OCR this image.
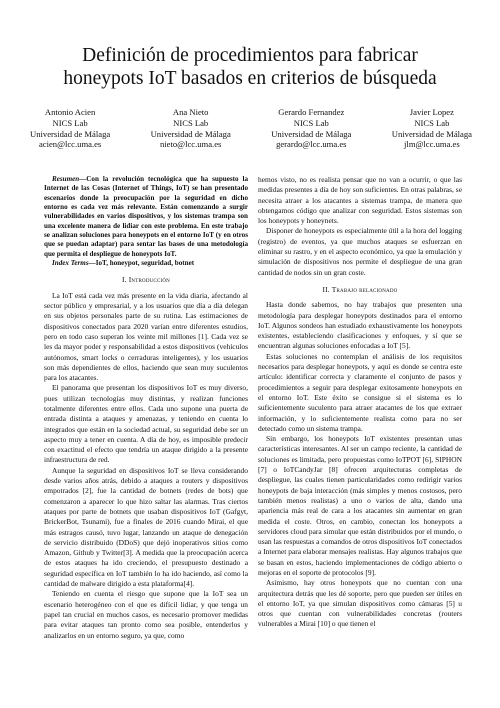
Definición de procedimientos para fabricar
honeypots IoT basados en criterios de búsqueda
Antonio Acien
NICS Lab
Universidad de Málaga
acien@lcc.uma.es
Ana Nieto
NICS Lab
Universidad de Málaga
nieto@lcc.uma.es
Gerardo Fernandez
NICS Lab
Universidad de Málaga
gerardo@lcc.uma.es
Javier Lopez
NICS Lab
Universidad de Málaga
jlm@lcc.uma.es

Resumen—Con la revolución tecnológica que ha supuesto la Internet de las Cosas (Internet of Things, IoT) se han presentado escenarios donde la preocupación por la seguridad en dicho entorno es cada vez más relevante. Están comenzando a surgir vulnerabilidades en varios dispositivos, y los sistemas trampa son una excelente manera de lidiar con este problema. En este trabajo se analizan soluciones para honeypots en el entorno IoT (y en otros que se puedan adaptar) para sentar las bases de una metodología que permita el despliegue de honeypots IoT.

Index Terms—IoT, honeypot, seguridad, botnet

I. Introducción

La IoT está cada vez más presente en la vida diaria, afectando al sector público y empresarial, y a los usuarios que día a día delegan en sus objetos personales parte de su rutina. Las estimaciones de dispositivos conectados para 2020 varían entre diferentes estudios, pero en todo caso superan los veinte mil millones [1]. Cada vez se les da mayor poder y responsabilidad a estos dispositivos (vehículos autónomos, smart locks o cerraduras inteligentes), y los usuarios son más dependientes de ellos, haciendo que sean muy suculentos para los atacantes.

El panorama que presentan los dispositivos IoT es muy diverso, pues utilizan tecnologías muy distintas, y realizan funciones totalmente diferentes entre ellos. Cada uno supone una puerta de entrada distinta a ataques y amenazas, y teniendo en cuenta lo integrados que están en la sociedad actual, su seguridad debe ser un aspecto muy a tener en cuenta. A día de hoy, es imposible predecir con exactitud el efecto que tendría un ataque dirigido a la presente infraestructura de red.

Aunque la seguridad en dispositivos IoT se lleva considerando desde varios años atrás, debido a ataques a routers y dispositivos empotrados [2], fue la cantidad de botnets (redes de bots) que comenzaron a aparecer lo que hizo saltar las alarmas. Tras ciertos ataques por parte de botnets que usaban dispositivos IoT (Gafgyt, BrickerBot, Tsunami), fue a finales de 2016 cuando Mirai, el que más estragos causó, tuvo lugar, lanzando un ataque de denegación de servicio distribuido (DDoS) que dejó inoperativos sitios como Amazon, Github y Twitter[3]. A medida que la preocupación acerca de estos ataques ha ido creciendo, el presupuesto destinado a seguridad específica en IoT también lo ha ido haciendo, así como la cantidad de malware dirigido a esta plataforma[4].

Teniendo en cuenta el riesgo que supone que la IoT sea un escenario heterogéneo con el que es difícil lidiar, y que tenga un papel tan crucial en muchos casos, es necesario promover medidas para evitar ataques tan pronto como sea posible, entenderlos y analizarlos en un entorno seguro, ya que, como

hemos visto, no es realista pensar que no van a ocurrir, o que las medidas presentes a día de hoy son suficientes. En otras palabras, se necesita atraer a los atacantes a sistemas trampa, de manera que obtengamos código que analizar con seguridad. Estos sistemas son los honeypots y honeynets.

Disponer de honeypots es especialmente útil a la hora del logging (registro) de eventos, ya que muchos ataques se esfuerzan en eliminar su rastro, y en el aspecto económico, ya que la emulación y simulación de dispositivos nos permite el despliegue de una gran cantidad de nodos sin un gran coste.

II. Trabajo relacionado

Hasta donde sabemos, no hay trabajos que presenten una metodología para desplegar honeypots destinados para el entorno IoT. Algunos sondeos han estudiado exhaustivamente los honeypots existentes, estableciendo clasificaciones y enfoques, y sí que se encuentran algunas soluciones enfocadas a IoT [5].

Estas soluciones no contemplan el análisis de los requisitos necesarios para desplegar honeypots, y aquí es donde se centra este artículo: identificar correcta y claramente el conjunto de pasos y procedimientos a seguir para desplegar exitosamente honeypots en el entorno IoT. Este éxito se consigue si el sistema es lo suficientemente suculento para atraer atacantes de los que extraer información, y lo suficientemente realista como para no ser detectado como un sistema trampa.

Sin embargo, los honeypots IoT existentes presentan unas características interesantes. Al ser un campo reciente, la cantidad de soluciones es limitada, pero propuestas como IoTPOT [6], SIPHON [7] o IoTCandyJar [8] ofrecen arquitecturas completas de despliegue, las cuales tienen particularidades como redirigir varios honeypots de baja interacción (más simples y menos costosos, pero también menos realistas) a uno o varios de alta, dando una apariencia más real de cara a los atacantes sin aumentar en gran medida el coste. Otros, en cambio, conectan los honeypots a servidores cloud para simular que están distribuidos por el mundo, o usan las respuestas a comandos de otros dispositivos IoT conectados a Internet para elaborar mensajes realistas. Hay algunos trabajos que se basan en estos, haciendo implementaciones de código abierto o mejoras en el soporte de protocolos [9].

Asimismo, hay otros honeypots que no cuentan con una arquitectura detrás que les dé soporte, pero que pueden ser útiles en el entorno IoT, ya que simulan dispositivos como cámaras [5] u otros que cuentan con vulnerabilidades concretas (routers vulnerables a Mirai [10] o que tienen el
